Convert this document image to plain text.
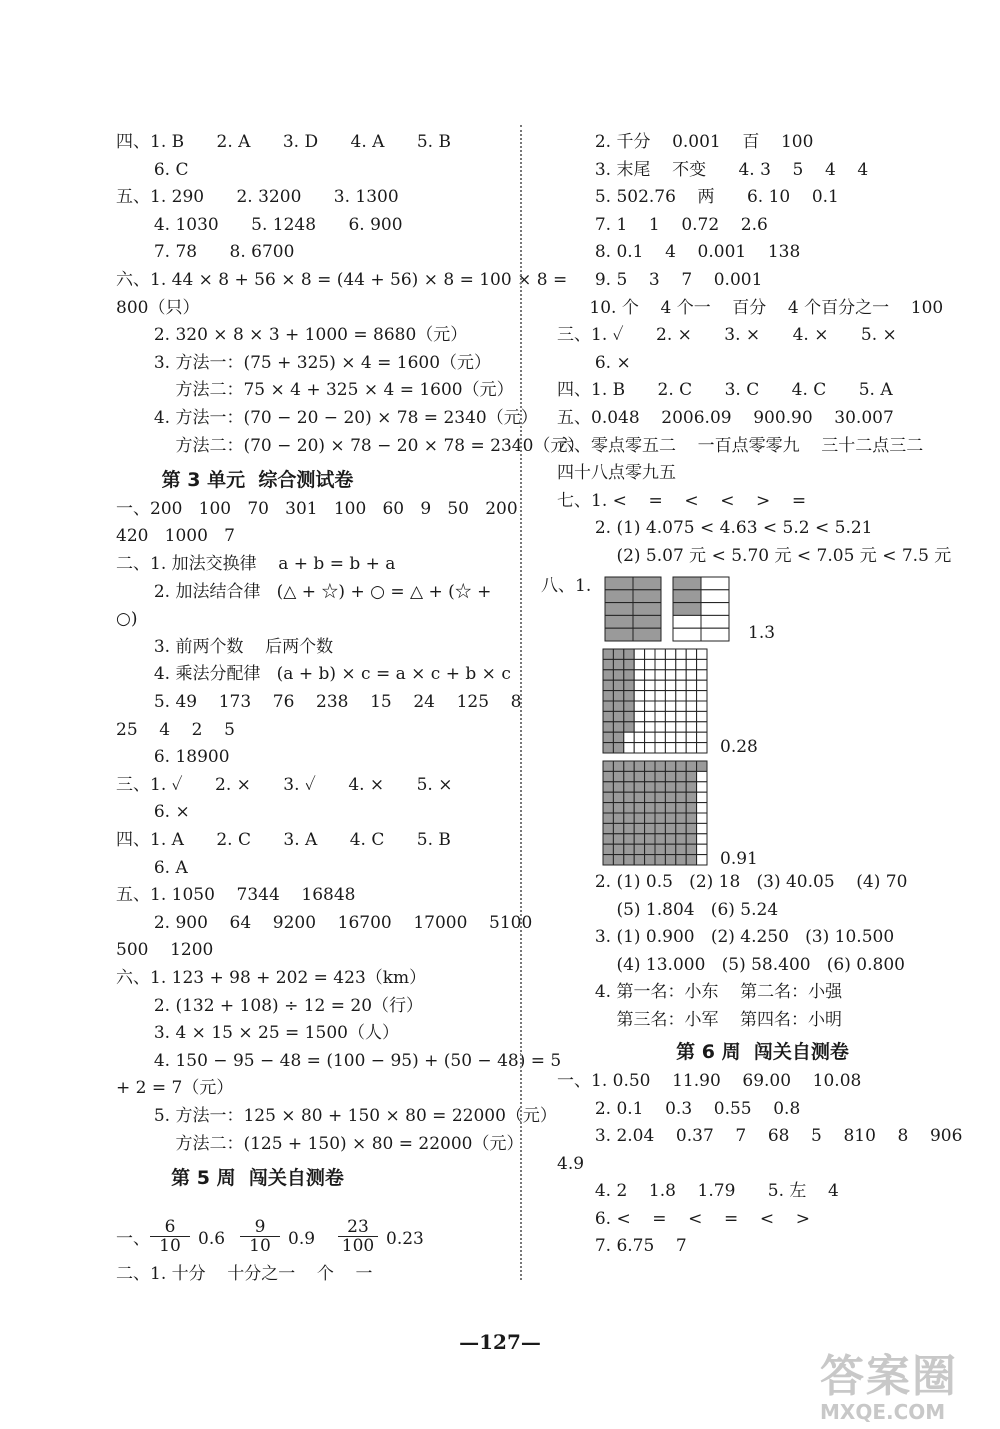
四、1. B      2. A      3. D      4. A      5. B
6. C
五、1. 290      2. 3200      3. 1300
4. 1030      5. 1248      6. 900
7. 78      8. 6700
六、1. 44 × 8 + 56 × 8 = (44 + 56) × 8 = 100 × 8 =
800（只）
2. 320 × 8 × 3 + 1000 = 8680（元）
3. 方法一：(75 + 325) × 4 = 1600（元）
方法二：75 × 4 + 325 × 4 = 1600（元）
4. 方法一：(70 − 20 − 20) × 78 = 2340（元）
方法二：(70 − 20) × 78 − 20 × 78 = 2340（元）
第 3 单元  综合测试卷
一、200   100   70   301   100   60   9   50   200
420   1000   7
二、1. 加法交换律    a + b = b + a
2. 加法结合律   (△ + ☆) + ○ = △ + (☆ +
○)
3. 前两个数    后两个数
4. 乘法分配律   (a + b) × c = a × c + b × c
5. 49    173    76    238    15    24    125    8
25    4    2    5
6. 18900
三、1. ✓      2. ×      3. ✓      4. ×      5. ×
6. ×
四、1. A      2. C      3. A      4. C      5. B
6. A
五、1. 1050    7344    16848
2. 900    64    9200    16700    17000    5100
500    1200
六、1. 123 + 98 + 202 = 423（km）
2. (132 + 108) ÷ 12 = 20（行）
3. 4 × 15 × 25 = 1500（人）
4. 150 − 95 − 48 = (100 − 95) + (50 − 48) = 5
+ 2 = 7（元）
5. 方法一：125 × 80 + 150 × 80 = 22000（元）
方法二：(125 + 150) × 80 = 22000（元）
第 5 周  闯关自测卷
一、 $\frac{6}{10} 0.6 \frac{9}{10} 0.9 \frac{23}{100} 0.23$
二、1. 十分    十分之一    个    一
2. 千分    0.001    百    100
3. 末尾    不变      4. 3    5    4    4
5. 502.76    两      6. 10    0.1
7. 1    1    0.72    2.6
8. 0.1    4    0.001    138
9. 5    3    7    0.001
10. 个    4 个一    百分    4 个百分之一    100
三、1. ✓      2. ×      3. ×      4. ×      5. ×
6. ×
四、1. B      2. C      3. C      4. C      5. A
五、0.048    2006.09    900.90    30.007
六、零点零五二    一百点零零九    三十二点三二
四十八点零九五
七、1. <    =    <    <    >    =
2. (1) 4.075 < 4.63 < 5.2 < 5.21
(2) 5.07 元 < 5.70 元 < 7.05 元 < 7.5 元
2. (1) 0.5   (2) 18   (3) 40.05    (4) 70
(5) 1.804   (6) 5.24
3. (1) 0.900   (2) 4.250   (3) 10.500
(4) 13.000   (5) 58.400   (6) 0.800
4. 第一名：小东    第二名：小强
第三名：小军    第四名：小明
第 6 周  闯关自测卷
一、1. 0.50    11.90    69.00    10.08
2. 0.1    0.3    0.55    0.8
3. 2.04    0.37    7    68    5    810    8    906
4.9
4. 2    1.8    1.79      5. 左    4
6. <    =    <    =    <    >
7. 6.75    7
八、1.
1.3
0.28
0.91
—127—
答案圈
MXQE.COM
